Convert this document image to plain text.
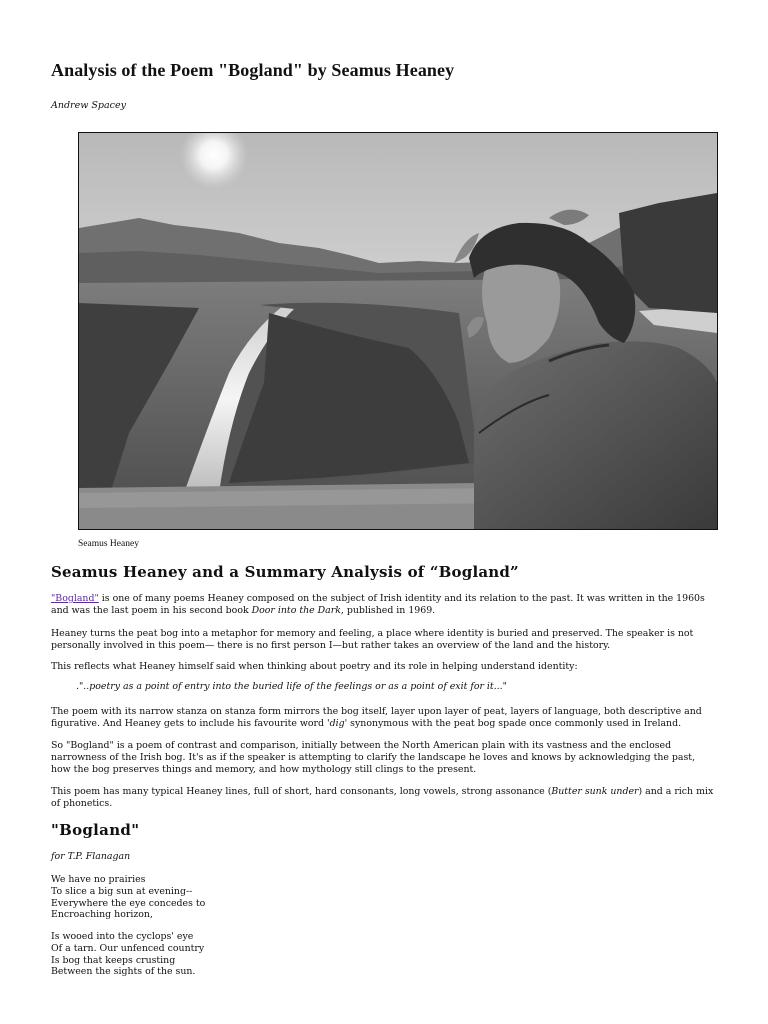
Analysis of the Poem "Bogland" by Seamus Heaney
Andrew Spacey
Seamus Heaney
Seamus Heaney and a Summary Analysis of “Bogland”

"Bogland" is one of many poems Heaney composed on the subject of Irish identity and its relation to the past. It was written in the 1960s and was the last poem in his second book Door into the Dark, published in 1969.

Heaney turns the peat bog into a metaphor for memory and feeling, a place where identity is buried and preserved. The speaker is not personally involved in this poem— there is no first person I—but rather takes an overview of the land and the history.

This reflects what Heaney himself said when thinking about poetry and its role in helping understand identity:

."..poetry as a point of entry into the buried life of the feelings or as a point of exit for it..."

The poem with its narrow stanza on stanza form mirrors the bog itself, layer upon layer of peat, layers of language, both descriptive and figurative. And Heaney gets to include his favourite word 'dig' synonymous with the peat bog spade once commonly used in Ireland.

So "Bogland" is a poem of contrast and comparison, initially between the North American plain with its vastness and the enclosed narrowness of the Irish bog. It's as if the speaker is attempting to clarify the landscape he loves and knows by acknowledging the past, how the bog preserves things and memory, and how mythology still clings to the present.

This poem has many typical Heaney lines, full of short, hard consonants, long vowels, strong assonance (Butter sunk under) and a rich mix of phonetics.

"Bogland"
for T.P. Flanagan
We have no prairies
To slice a big sun at evening--
Everywhere the eye concedes to
Encroaching horizon,
Is wooed into the cyclops' eye
Of a tarn. Our unfenced country
Is bog that keeps crusting
Between the sights of the sun.
